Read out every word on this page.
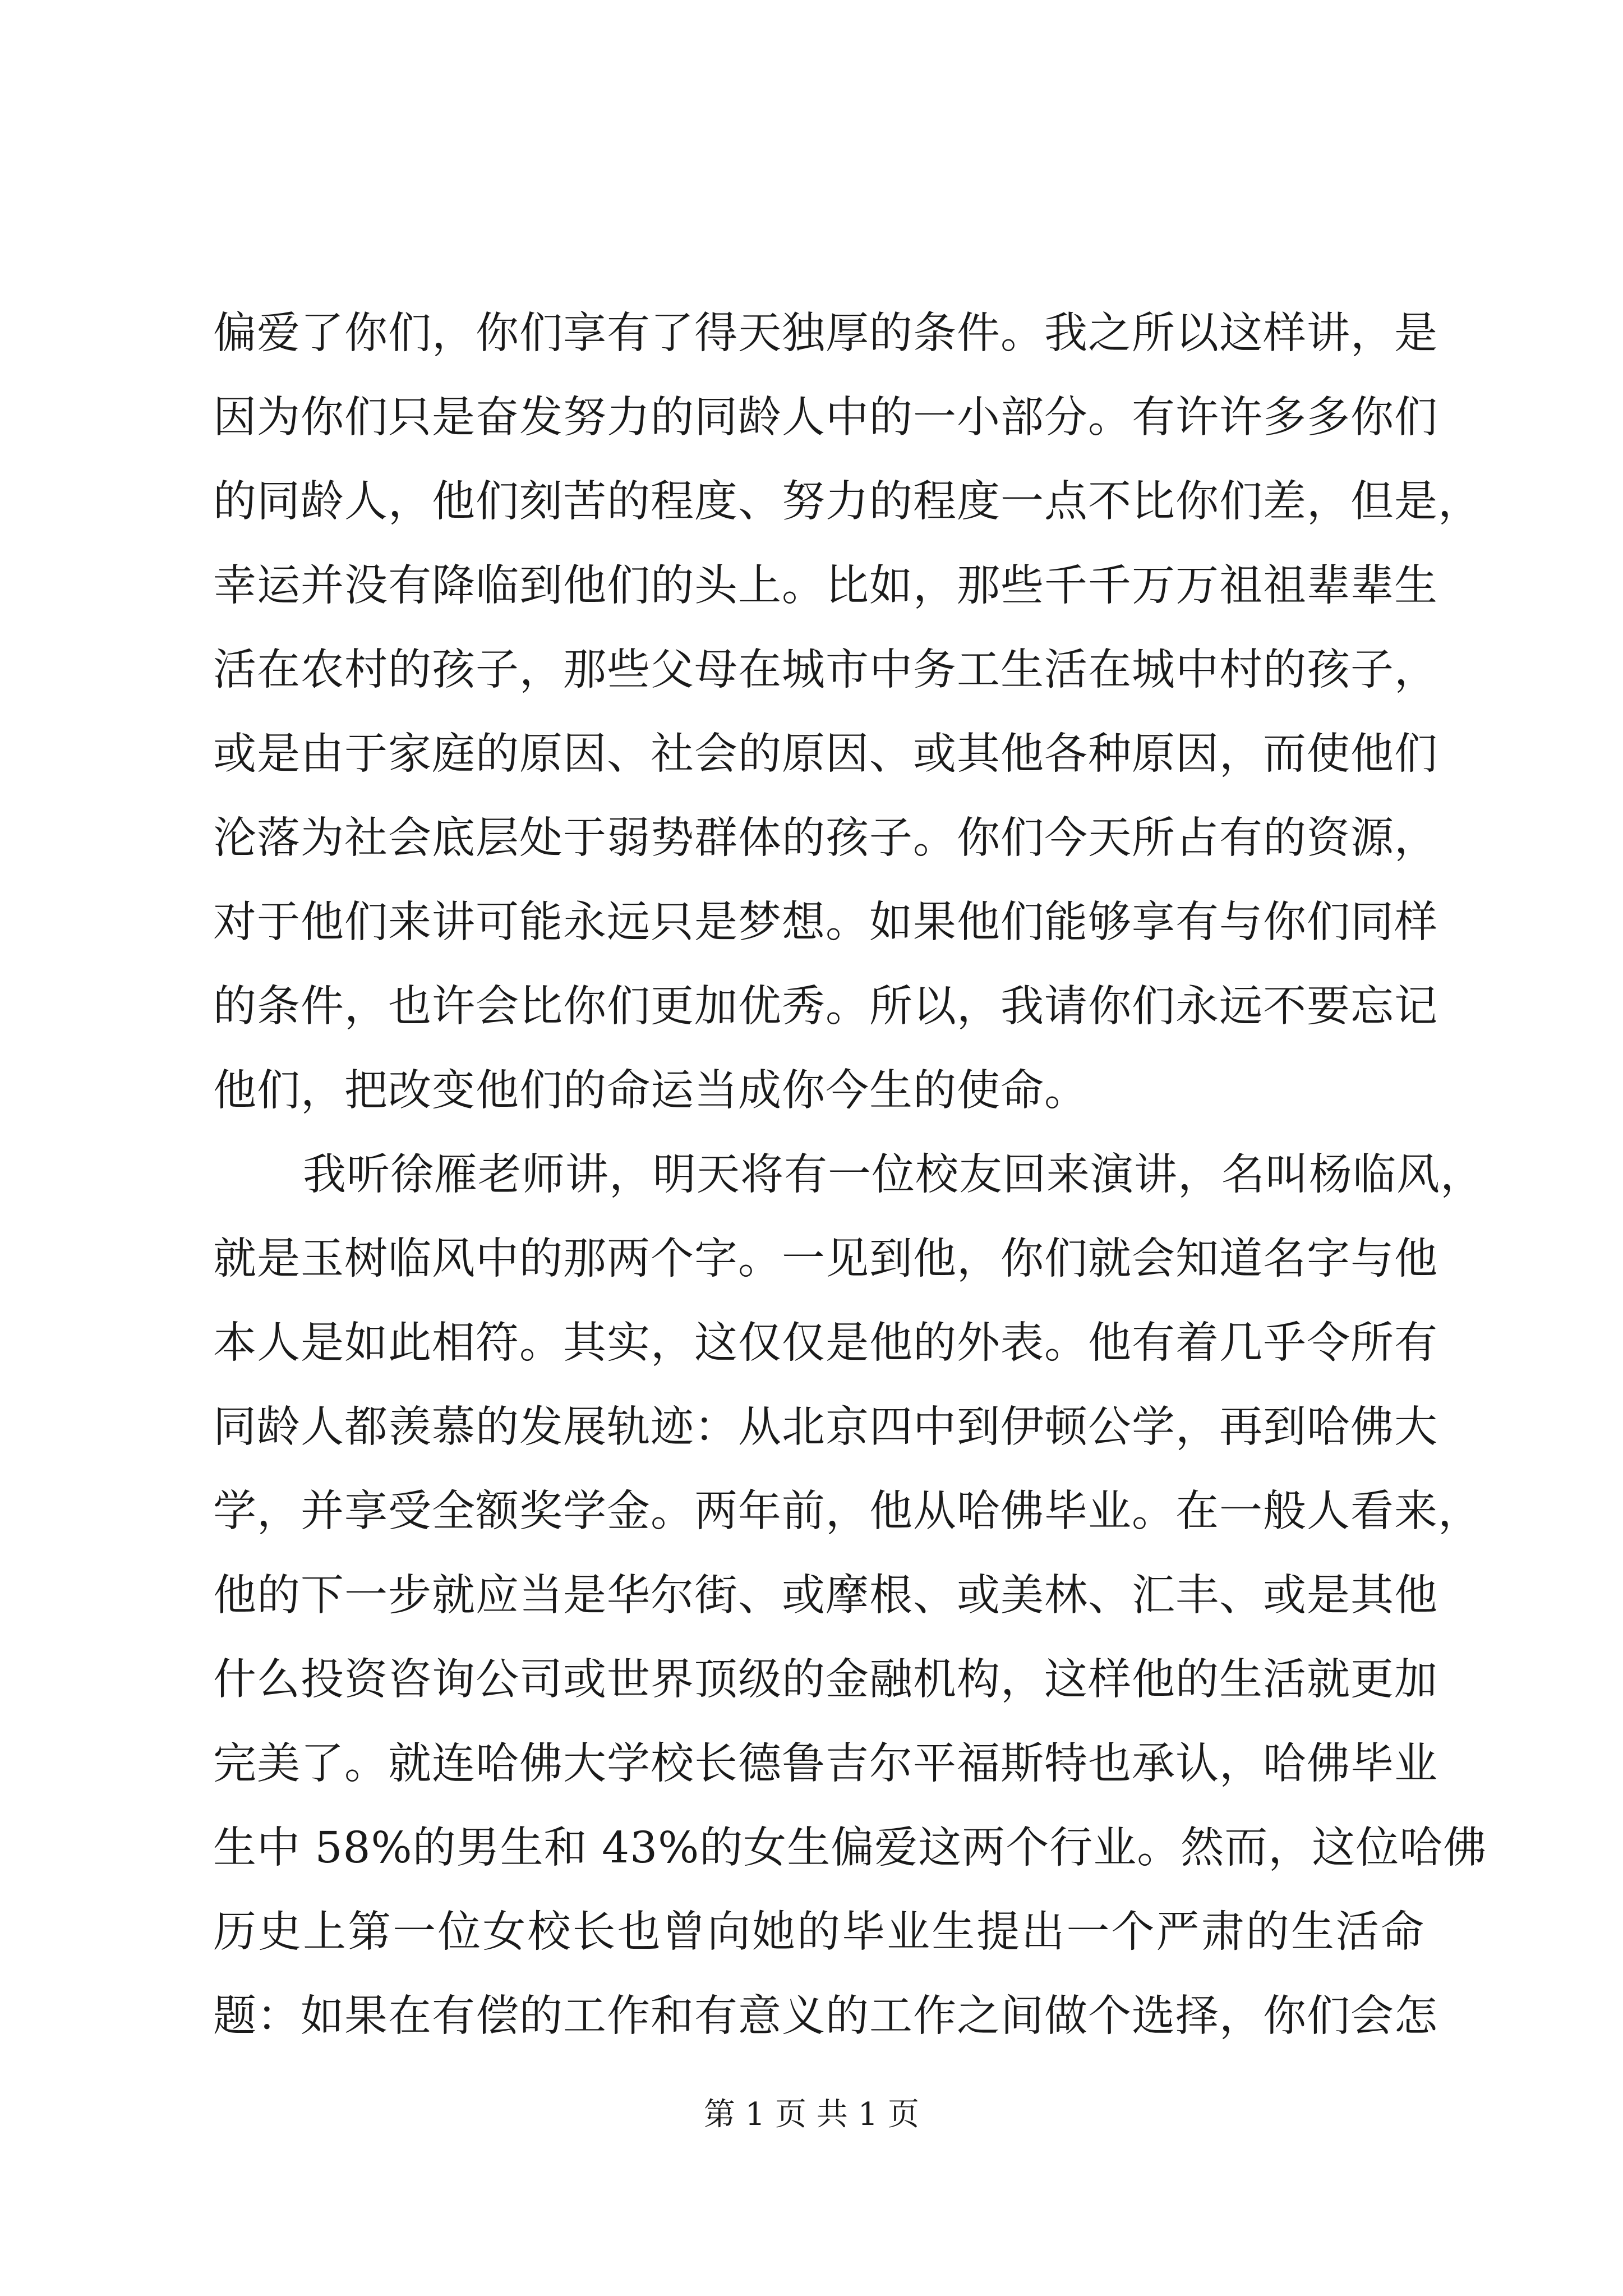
偏爱了你们，你们享有了得天独厚的条件。我之所以这样讲，是
因为你们只是奋发努力的同龄人中的一小部分。有许许多多你们
的同龄人，他们刻苦的程度、努力的程度一点不比你们差，但是，
幸运并没有降临到他们的头上。比如，那些千千万万祖祖辈辈生
活在农村的孩子，那些父母在城市中务工生活在城中村的孩子，
或是由于家庭的原因、社会的原因、或其他各种原因，而使他们
沦落为社会底层处于弱势群体的孩子。你们今天所占有的资源，
对于他们来讲可能永远只是梦想。如果他们能够享有与你们同样
的条件，也许会比你们更加优秀。所以，我请你们永远不要忘记
他们，把改变他们的命运当成你今生的使命。
我听徐雁老师讲，明天将有一位校友回来演讲，名叫杨临风，
就是玉树临风中的那两个字。一见到他，你们就会知道名字与他
本人是如此相符。其实，这仅仅是他的外表。他有着几乎令所有
同龄人都羡慕的发展轨迹：从北京四中到伊顿公学，再到哈佛大
学，并享受全额奖学金。两年前，他从哈佛毕业。在一般人看来，
他的下一步就应当是华尔街、或摩根、或美林、汇丰、或是其他
什么投资咨询公司或世界顶级的金融机构，这样他的生活就更加
完美了。就连哈佛大学校长德鲁吉尔平福斯特也承认，哈佛毕业
生中 58%的男生和 43%的女生偏爱这两个行业。然而，这位哈佛
历史上第一位女校长也曾向她的毕业生提出一个严肃的生活命
题：如果在有偿的工作和有意义的工作之间做个选择，你们会怎
第 1 页 共 1 页
